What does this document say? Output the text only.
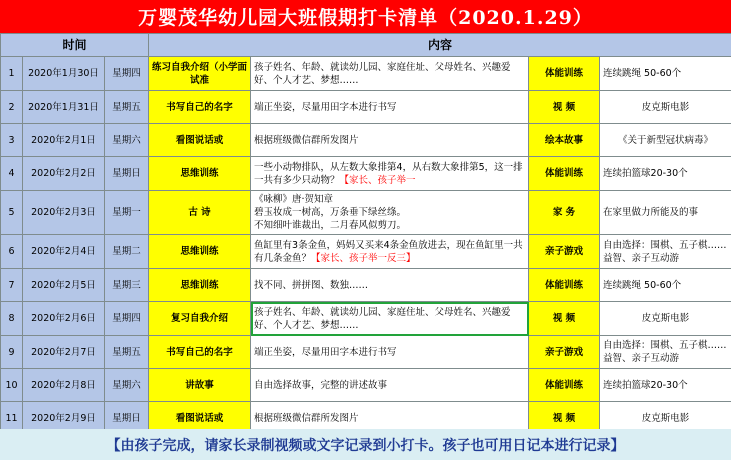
万婴茂华幼儿园大班假期打卡清单（2020.1.29）
时间			内容			
1	2020年1月30日	星期四	练习自我介绍（小学面试准	孩子姓名、年龄、就读幼儿园、家庭住址、父母姓名、兴趣爱好、个人才艺、梦想……	体能训练	连续跳绳 50-60个
2	2020年1月31日	星期五	书写自己的名字	端正坐姿，尽量用田字本进行书写	视 频	皮克斯电影
3	2020年2月1日	星期六	看图说话或	根据班级微信群所发图片	绘本故事	《关于新型冠状病毒》
4	2020年2月2日	星期日	思维训练	一些小动物排队，从左数大象排第4，从右数大象排第5，这一排一共有多少只动物？【家长、孩子举一	体能训练	连续拍篮球20-30个
5	2020年2月3日	星期一	古 诗	《咏柳》唐·贺知章
碧玉妆成一树高，万条垂下绿丝绦。
不知细叶谁裁出，二月春风似剪刀。	家 务	在家里做力所能及的事
6	2020年2月4日	星期二	思维训练	鱼缸里有3条金鱼，妈妈又买来4条金鱼放进去，现在鱼缸里一共有几条金鱼？【家长、孩子举一反三】	亲子游戏	自由选择：围棋、五子棋……益智、亲子互动游
7	2020年2月5日	星期三	思维训练	找不同、拼拼图、数独……	体能训练	连续跳绳 50-60个
8	2020年2月6日	星期四	复习自我介绍	孩子姓名、年龄、就读幼儿园、家庭住址、父母姓名、兴趣爱好、个人才艺、梦想……	视 频	皮克斯电影
9	2020年2月7日	星期五	书写自己的名字	端正坐姿，尽量用田字本进行书写	亲子游戏	自由选择：围棋、五子棋……益智、亲子互动游
10	2020年2月8日	星期六	讲故事	自由选择故事，完整的讲述故事	体能训练	连续拍篮球20-30个
11	2020年2月9日	星期日	看图说话或	根据班级微信群所发图片	视 频	皮克斯电影
【由孩子完成，请家长录制视频或文字记录到小打卡。孩子也可用日记本进行记录】
